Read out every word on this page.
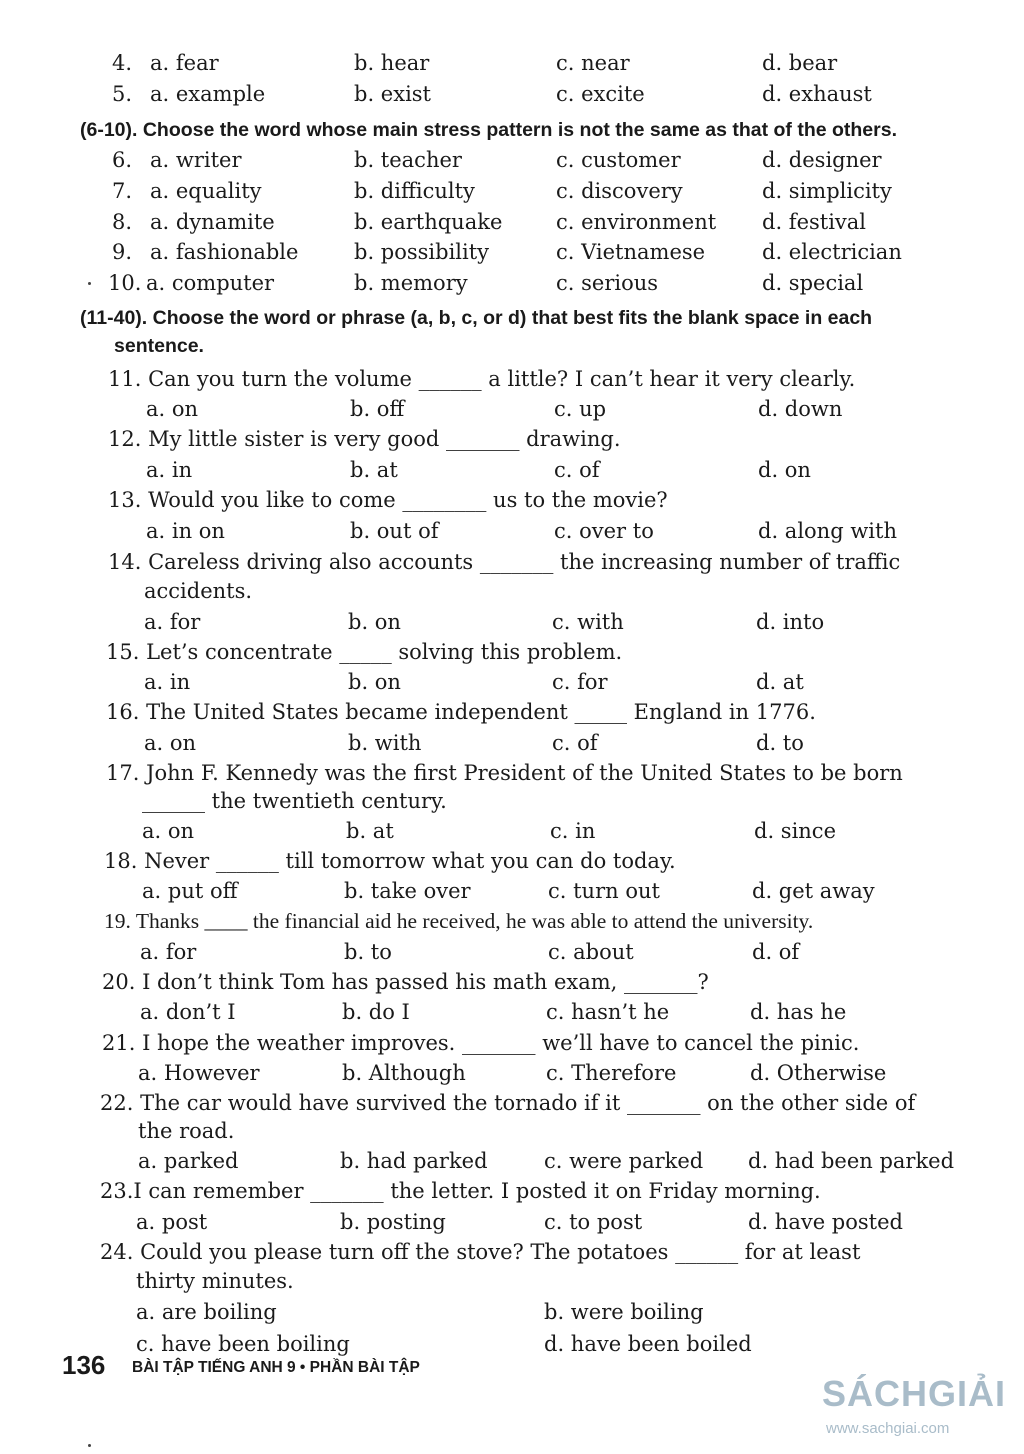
4. a. fear	b. hear	c. near	d. bear
5. a. example	b. exist	c. excite	d. exhaust
(6-10). Choose the word whose main stress pattern is not the same as that of the others.
6. a. writer	b. teacher	c. customer	d. designer
7. a. equality	b. difficulty	c. discovery	d. simplicity
8. a. dynamite	b. earthquake	c. environment d. festival
9. a. fashionable	b. possibility	c. Vietnamese	d. electrician
10. a. computer	b. memory	c. serious	d. special
(11-40). Choose the word or phrase (a, b, c, or d) that best fits the blank space in each
sentence.
11. Can you turn the volume ______ a little? I can’t hear it very clearly.
a. on	b. off	c. up	d. down
12. My little sister is very good _______ drawing.
a. in	b. at	c. of	d. on
13. Would you like to come ________ us to the movie?
a. in on	b. out of	c. over to	d. along with
14. Careless driving also accounts _______ the increasing number of traffic
accidents.
a. for	b. on	c. with	d. into
15. Let’s concentrate _____ solving this problem.
a. in	b. on	c. for	d. at
16. The United States became independent _____ England in 1776.
a. on	b. with	c. of	d. to
17. John F. Kennedy was the first President of the United States to be born
______ the twentieth century.
a. on	b. at	c. in	d. since
18. Never ______ till tomorrow what you can do today.
a. put off	b. take over	c. turn out	d. get away
19. Thanks ____ the financial aid he received, he was able to attend the university.
a. for	b. to	c. about	d. of
20. I don’t think Tom has passed his math exam, _______?
a. don’t I	b. do I	c. hasn’t he	d. has he
21. I hope the weather improves. _______ we’ll have to cancel the pinic.
a. However	b. Although	c. Therefore	d. Otherwise
22. The car would have survived the tornado if it _______ on the other side of
the road.
a. parked	b. had parked	c. were parked d. had been parked
23.I can remember _______ the letter. I posted it on Friday morning.
a. post	b. posting	c. to post	d. have posted
24. Could you please turn off the stove? The potatoes ______ for at least
thirty minutes.
a. are boiling	b. were boiling
c. have been boiling	d. have been boiled
136 BÀI TẬP TIẾNG ANH 9 • PHẦN BÀI TẬP
SÁCHGIẢI
www.sachgiai.com
